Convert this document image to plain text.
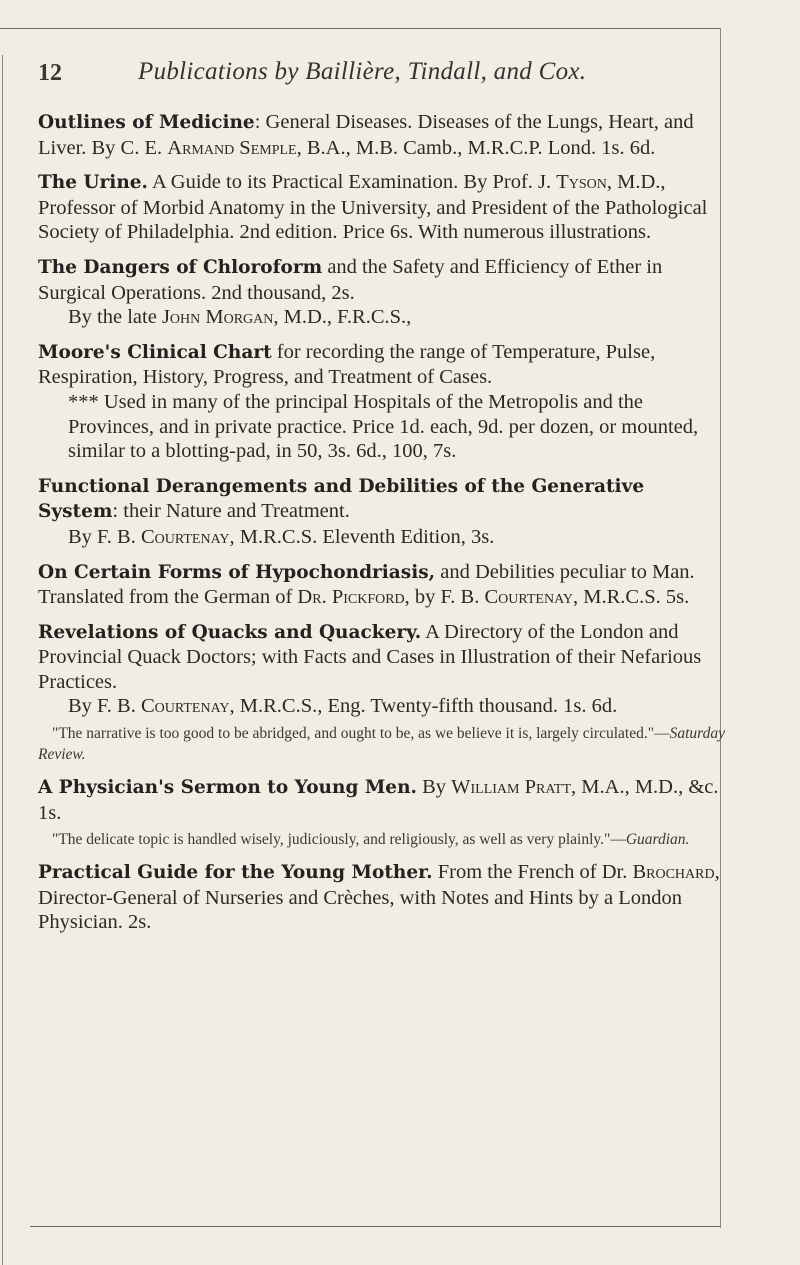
12	Publications by Baillière, Tindall, and Cox.
Outlines of Medicine: General Diseases. Diseases of the Lungs, Heart, and Liver. By C. E. Armand Semple, B.A., M.B. Camb., M.R.C.P. Lond. 1s. 6d.
The Urine. A Guide to its Practical Examination. By Prof. J. Tyson, M.D., Professor of Morbid Anatomy in the University, and President of the Pathological Society of Philadelphia. 2nd edition. Price 6s. With numerous illustrations.
The Dangers of Chloroform and the Safety and Efficiency of Ether in Surgical Operations. 2nd thousand, 2s.
By the late John Morgan, M.D., F.R.C.S.,
Moore's Clinical Chart for recording the range of Temperature, Pulse, Respiration, History, Progress, and Treatment of Cases.
*** Used in many of the principal Hospitals of the Metropolis and the Provinces, and in private practice. Price 1d. each, 9d. per dozen, or mounted, similar to a blotting-pad, in 50, 3s. 6d., 100, 7s.
Functional Derangements and Debilities of the Generative System: their Nature and Treatment.
By F. B. Courtenay, M.R.C.S. Eleventh Edition, 3s.
On Certain Forms of Hypochondriasis, and Debilities peculiar to Man. Translated from the German of Dr. Pickford, by F. B. Courtenay, M.R.C.S. 5s.
Revelations of Quacks and Quackery. A Directory of the London and Provincial Quack Doctors; with Facts and Cases in Illustration of their Nefarious Practices.
By F. B. Courtenay, M.R.C.S., Eng. Twenty-fifth thousand. 1s. 6d.
"The narrative is too good to be abridged, and ought to be, as we believe it is, largely circulated."—Saturday Review.
A Physician's Sermon to Young Men. By William Pratt, M.A., M.D., &c. 1s.
"The delicate topic is handled wisely, judiciously, and religiously, as well as very plainly."—Guardian.
Practical Guide for the Young Mother. From the French of Dr. Brochard, Director-General of Nurseries and Crèches, with Notes and Hints by a London Physician. 2s.
